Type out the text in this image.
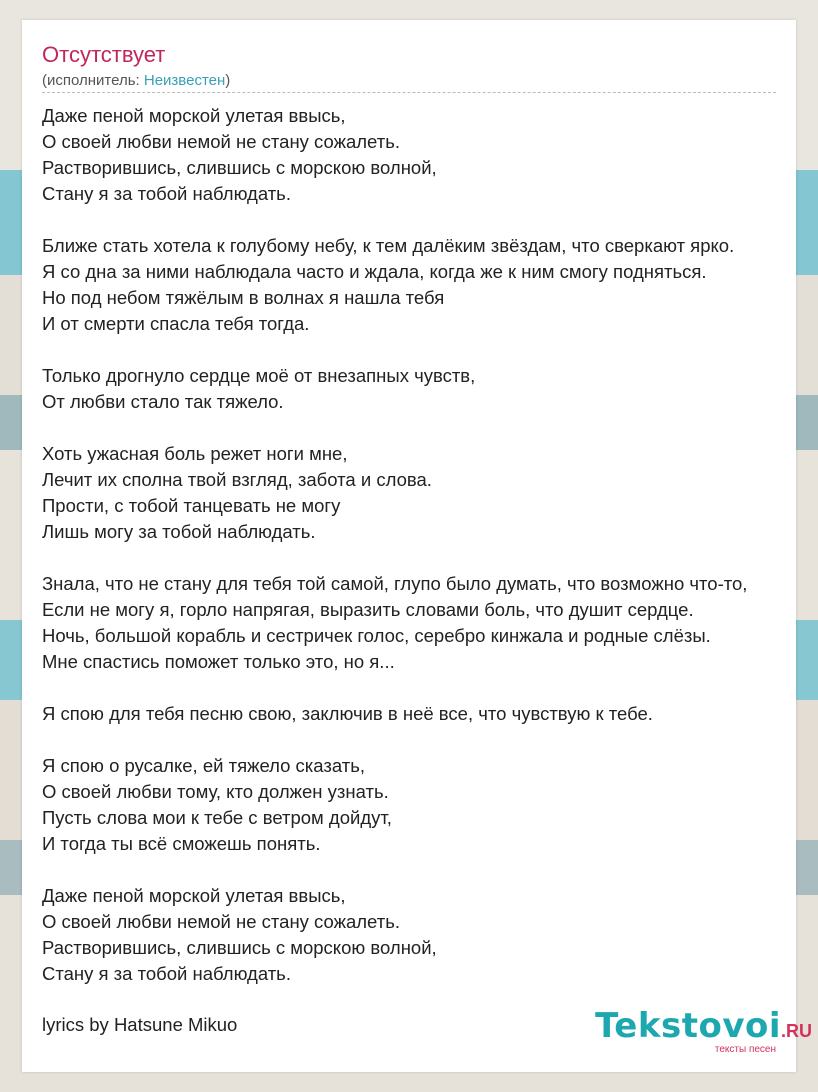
Отсутствует
(исполнитель: Неизвестен)
Даже пеной морской улетая ввысь,
О своей любви немой не стану сожалеть.
Растворившись, слившись с морскою волной,
Стану я за тобой наблюдать.
Ближе стать хотела к голубому небу, к тем далёким звёздам, что сверкают ярко.
Я со дна за ними наблюдала часто и ждала, когда же к ним смогу подняться.
Но под небом тяжёлым в волнах я нашла тебя
И от смерти спасла тебя тогда.
Только дрогнуло сердце моё от внезапных чувств,
От любви стало так тяжело.
Хоть ужасная боль режет ноги мне,
Лечит их сполна твой взгляд, забота и слова.
Прости, с тобой танцевать не могу
Лишь могу за тобой наблюдать.
Знала, что не стану для тебя той самой, глупо было думать, что возможно что-то,
Если не могу я, горло напрягая, выразить словами боль, что душит сердце.
Ночь, большой корабль и сестричек голос, серебро кинжала и родные слёзы.
Мне спастись поможет только это, но я...
Я спою для тебя песню свою, заключив в неё все, что чувствую к тебе.
Я спою о русалке, ей тяжело сказать,
О своей любви тому, кто должен узнать.
Пусть слова мои к тебе с ветром дойдут,
И тогда ты всё сможешь понять.
Даже пеной морской улетая ввысь,
О своей любви немой не стану сожалеть.
Растворившись, слившись с морскою волной,
Стану я за тобой наблюдать.
lyrics by Hatsune Mikuo	Tekstovoi.RU
тексты песен
